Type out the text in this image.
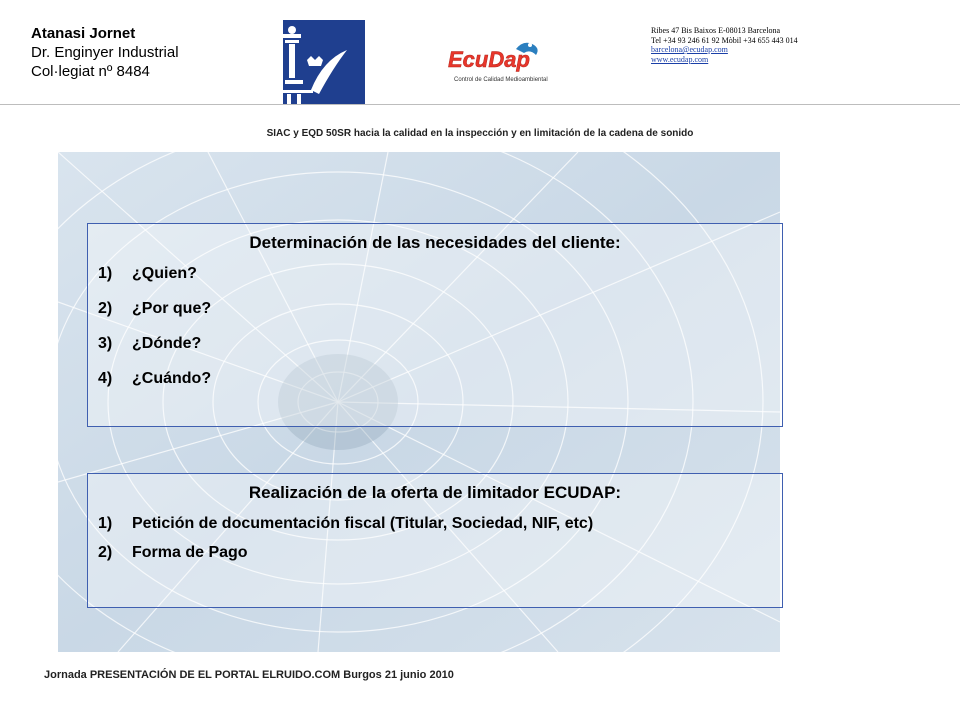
Atanasi Jornet
Dr. Enginyer Industrial
Col·legiat nº 8484	EcuDap
Control de Calidad Medioambiental
Ribes 47 Bis Baixos E-08013 Barcelona
Tel +34 93 246 61 92 Mòbil +34 655 443 014
barcelona@ecudap.com
www.ecudap.com
SIAC y EQD 50SR hacia la calidad en la inspección y en limitación de la cadena de sonido
Determinación de las necesidades del cliente:
1)	¿Quien?
2)	¿Por que?
3)	¿Dónde?
4)	¿Cuándo?
Realización de la oferta de limitador ECUDAP:
1)	Petición de documentación fiscal (Titular, Sociedad, NIF, etc)
2)	Forma de Pago
Jornada PRESENTACIÓN DE EL PORTAL ELRUIDO.COM Burgos 21 junio 2010
